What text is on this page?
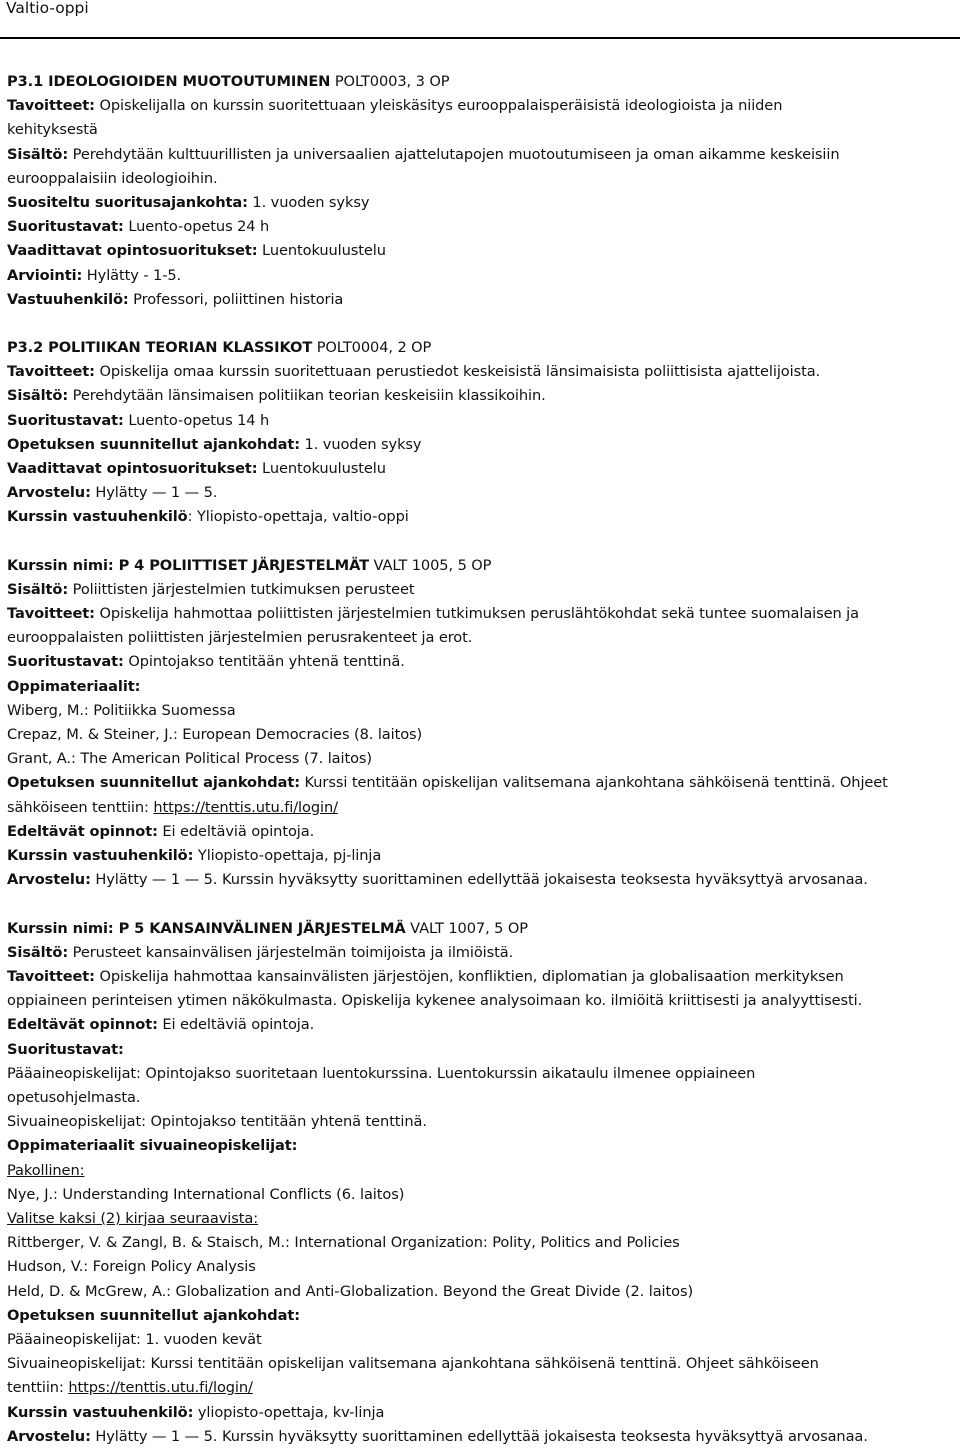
Valtio-oppi
P3.1 IDEOLOGIOIDEN MUOTOUTUMINEN POLT0003, 3 OP
Tavoitteet: Opiskelijalla on kurssin suoritettuaan yleiskäsitys eurooppalaisperäisistä ideologioista ja niiden
kehityksestä
Sisältö: Perehdytään kulttuurillisten ja universaalien ajattelutapojen muotoutumiseen ja oman aikamme keskeisiin
eurooppalaisiin ideologioihin.
Suositeltu suoritusajankohta: 1. vuoden syksy
Suoritustavat: Luento-opetus 24 h
Vaadittavat opintosuoritukset: Luentokuulustelu
Arviointi: Hylätty - 1-5.
Vastuuhenkilö: Professori, poliittinen historia
P3.2 POLITIIKAN TEORIAN KLASSIKOT POLT0004, 2 OP
Tavoitteet: Opiskelija omaa kurssin suoritettuaan perustiedot keskeisistä länsimaisista poliittisista ajattelijoista.
Sisältö: Perehdytään länsimaisen politiikan teorian keskeisiin klassikoihin.
Suoritustavat: Luento-opetus 14 h
Opetuksen suunnitellut ajankohdat: 1. vuoden syksy
Vaadittavat opintosuoritukset: Luentokuulustelu
Arvostelu: Hylätty — 1 — 5.
Kurssin vastuuhenkilö: Yliopisto-opettaja, valtio-oppi
Kurssin nimi: P 4 POLIITTISET JÄRJESTELMÄT VALT 1005, 5 OP
Sisältö: Poliittisten järjestelmien tutkimuksen perusteet
Tavoitteet: Opiskelija hahmottaa poliittisten järjestelmien tutkimuksen peruslähtökohdat sekä tuntee suomalaisen ja
eurooppalaisten poliittisten järjestelmien perusrakenteet ja erot.
Suoritustavat: Opintojakso tentitään yhtenä tenttinä.
Oppimateriaalit:
Wiberg, M.: Politiikka Suomessa
Crepaz, M. & Steiner, J.: European Democracies (8. laitos)
Grant, A.: The American Political Process (7. laitos)
Opetuksen suunnitellut ajankohdat: Kurssi tentitään opiskelijan valitsemana ajankohtana sähköisenä tenttinä. Ohjeet
sähköiseen tenttiin: https://tenttis.utu.fi/login/
Edeltävät opinnot: Ei edeltäviä opintoja.
Kurssin vastuuhenkilö: Yliopisto-opettaja, pj-linja
Arvostelu: Hylätty — 1 — 5. Kurssin hyväksytty suorittaminen edellyttää jokaisesta teoksesta hyväksyttyä arvosanaa.
Kurssin nimi: P 5 KANSAINVÄLINEN JÄRJESTELMÄ VALT 1007, 5 OP
Sisältö: Perusteet kansainvälisen järjestelmän toimijoista ja ilmiöistä.
Tavoitteet: Opiskelija hahmottaa kansainvälisten järjestöjen, konfliktien, diplomatian ja globalisaation merkityksen
oppiaineen perinteisen ytimen näkökulmasta. Opiskelija kykenee analysoimaan ko. ilmiöitä kriittisesti ja analyyttisesti.
Edeltävät opinnot: Ei edeltäviä opintoja.
Suoritustavat:
Pääaineopiskelijat: Opintojakso suoritetaan luentokurssina. Luentokurssin aikataulu ilmenee oppiaineen
opetusohjelmasta.
Sivuaineopiskelijat: Opintojakso tentitään yhtenä tenttinä.
Oppimateriaalit sivuaineopiskelijat:
Pakollinen:
Nye, J.: Understanding International Conflicts (6. laitos)
Valitse kaksi (2) kirjaa seuraavista:
Rittberger, V. & Zangl, B. & Staisch, M.: International Organization: Polity, Politics and Policies
Hudson, V.: Foreign Policy Analysis
Held, D. & McGrew, A.: Globalization and Anti-Globalization. Beyond the Great Divide (2. laitos)
Opetuksen suunnitellut ajankohdat:
Pääaineopiskelijat: 1. vuoden kevät
Sivuaineopiskelijat: Kurssi tentitään opiskelijan valitsemana ajankohtana sähköisenä tenttinä. Ohjeet sähköiseen
tenttiin: https://tenttis.utu.fi/login/
Kurssin vastuuhenkilö: yliopisto-opettaja, kv-linja
Arvostelu: Hylätty — 1 — 5. Kurssin hyväksytty suorittaminen edellyttää jokaisesta teoksesta hyväksyttyä arvosanaa.
